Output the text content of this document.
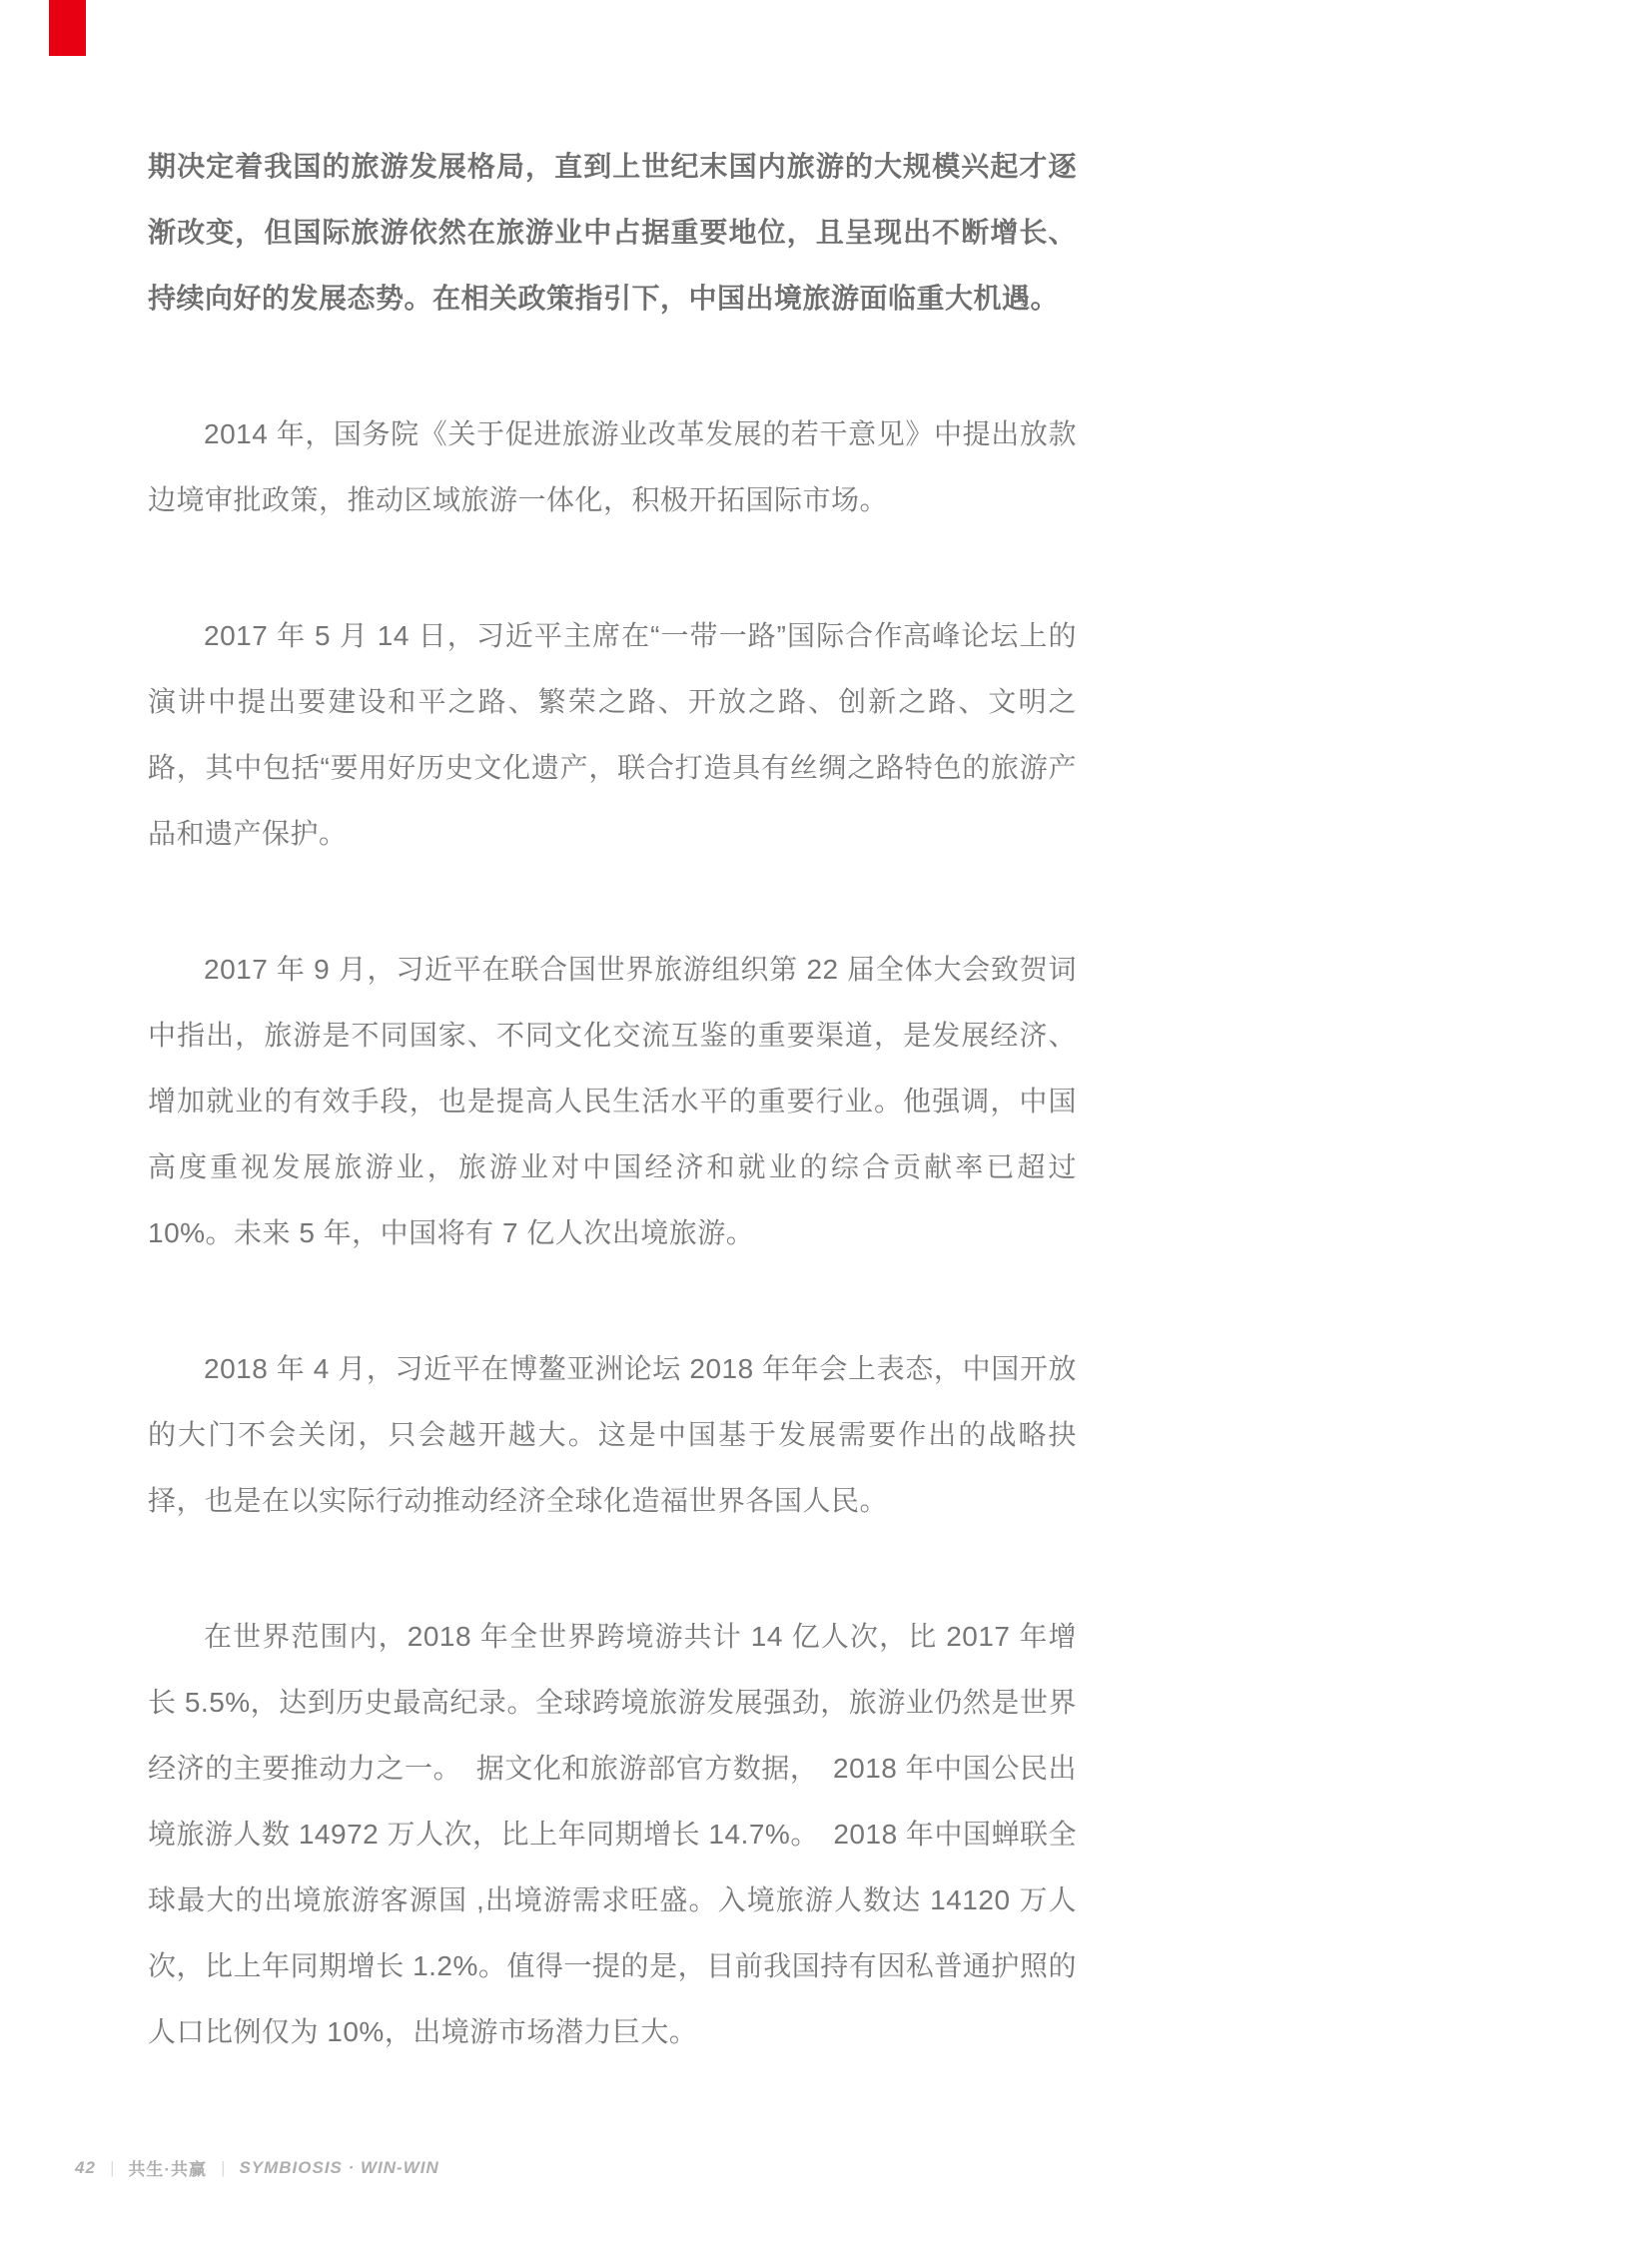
期决定着我国的旅游发展格局，直到上世纪末国内旅游的大规模兴起才逐渐改变，但国际旅游依然在旅游业中占据重要地位，且呈现出不断增长、持续向好的发展态势。在相关政策指引下，中国出境旅游面临重大机遇。

2014 年，国务院《关于促进旅游业改革发展的若干意见》中提出放款边境审批政策，推动区域旅游一体化，积极开拓国际市场。

2017 年 5 月 14 日，习近平主席在“一带一路”国际合作高峰论坛上的演讲中提出要建设和平之路、繁荣之路、开放之路、创新之路、文明之路，其中包括“要用好历史文化遗产，联合打造具有丝绸之路特色的旅游产品和遗产保护。

2017 年 9 月，习近平在联合国世界旅游组织第 22 届全体大会致贺词中指出，旅游是不同国家、不同文化交流互鉴的重要渠道，是发展经济、增加就业的有效手段，也是提高人民生活水平的重要行业。他强调，中国高度重视发展旅游业，旅游业对中国经济和就业的综合贡献率已超过 10%。未来 5 年，中国将有 7 亿人次出境旅游。

2018 年 4 月，习近平在博鳌亚洲论坛 2018 年年会上表态，中国开放的大门不会关闭，只会越开越大。这是中国基于发展需要作出的战略抉择，也是在以实际行动推动经济全球化造福世界各国人民。

在世界范围内，2018 年全世界跨境游共计 14 亿人次，比 2017 年增长 5.5%，达到历史最高纪录。全球跨境旅游发展强劲，旅游业仍然是世界经济的主要推动力之一。　据文化和旅游部官方数据，　2018 年中国公民出境旅游人数 14972 万人次，比上年同期增长 14.7%。　2018 年中国蝉联全球最大的出境旅游客源国 ,出境游需求旺盛。入境旅游人数达 14120 万人次，比上年同期增长 1.2%。值得一提的是，目前我国持有因私普通护照的人口比例仅为 10%，出境游市场潜力巨大。

42 | 共生·共赢 | SYMBIOSIS · WIN-WIN
